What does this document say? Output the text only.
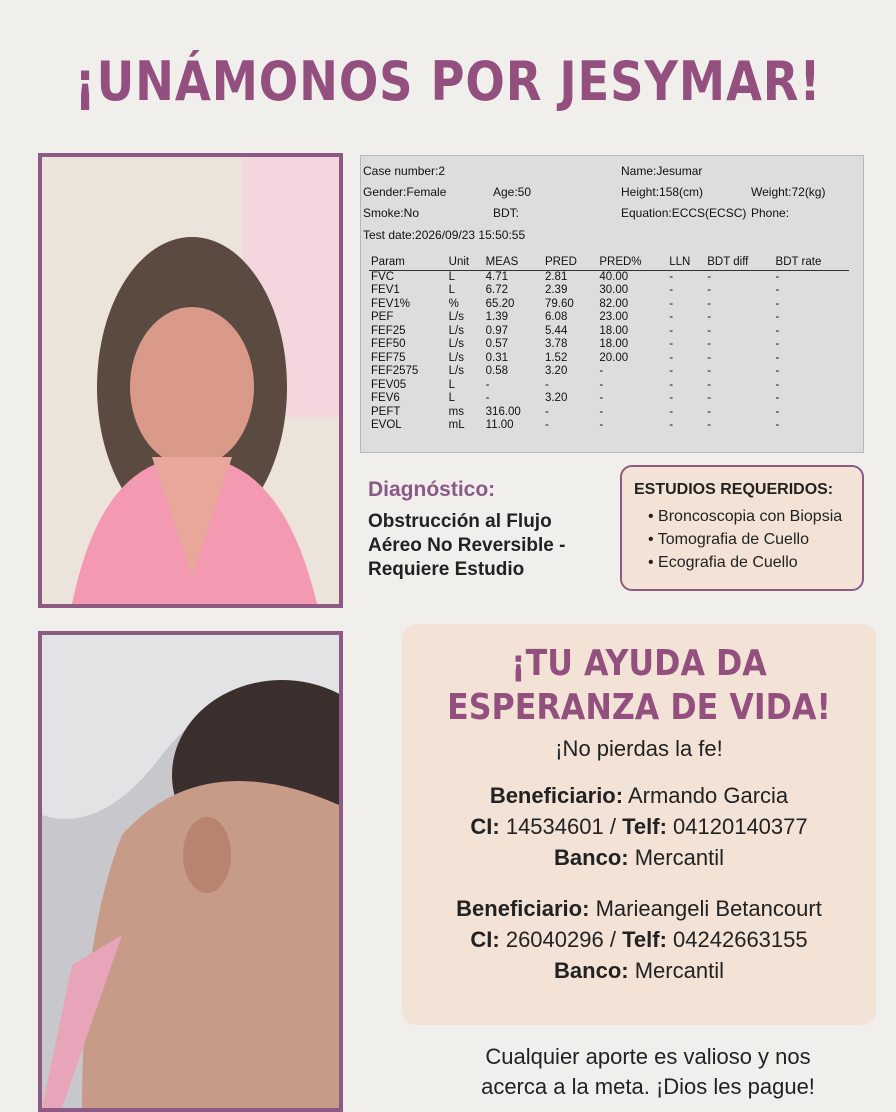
¡UNÁMONOS POR JESYMAR!
Case number:2	Name:Jesumar
Gender:Female	Age:50	Height:158(cm)	Weight:72(kg)
Smoke:No	BDT:	Equation:ECCS(ECSC) Phone:
Test date:2026/09/23 15:50:55
Param	Unit	MEAS	PRED	PRED%	LLN	BDT diff	BDT rate
FVC	L	4.71	2.81	40.00	-	-	-
FEV1	L	6.72	2.39	30.00	-	-	-
FEV1%	%	65.20	79.60	82.00	-	-	-
PEF	L/s	1.39	6.08	23.00	-	-	-
FEF25	L/s	0.97	5.44	18.00	-	-	-
FEF50	L/s	0.57	3.78	18.00	-	-	-
FEF75	L/s	0.31	1.52	20.00	-	-	-
FEF2575	L/s	0.58	3.20	-	-	-	-
FEV05	L	-	-	-	-	-	-
FEV6	L	-	3.20	-	-	-	-
PEFT	ms	316.00	-	-	-	-	-
EVOL	mL	11.00	-	-	-	-	-
Diagnóstico:
Obstrucción al Flujo
Aéreo No Reversible -
Requiere Estudio
ESTUDIOS REQUERIDOS:
• Broncoscopia con Biopsia
• Tomografia de Cuello
• Ecografia de Cuello
¡TU AYUDA DA
ESPERANZA DE VIDA!
¡No pierdas la fe!
Beneficiario: Armando Garcia
CI: 14534601 / Telf: 04120140377
Banco: Mercantil
Beneficiario: Marieangeli Betancourt
CI: 26040296 / Telf: 04242663155
Banco: Mercantil
Cualquier aporte es valioso y nos
acerca a la meta. ¡Dios les pague!
